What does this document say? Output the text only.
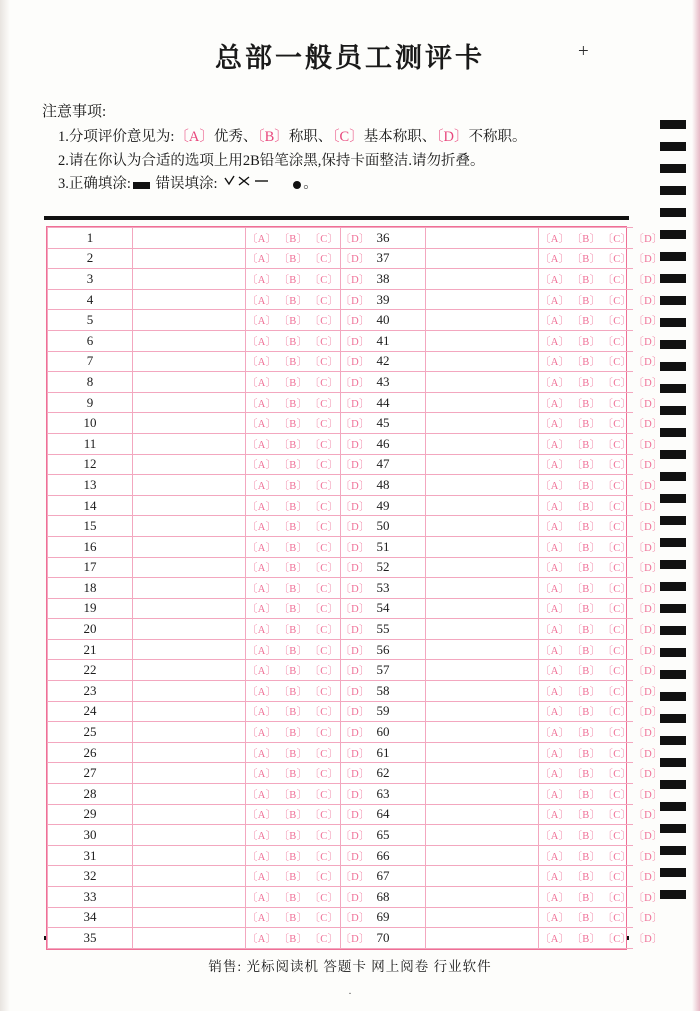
总部一般员工测评卡	+
注意事项:
1.分项评价意见为:〔A〕优秀、〔B〕称职、〔C〕基本称职、〔D〕不称职。
2.请在你认为合适的选项上用2B铅笔涂黑,保持卡面整洁.请勿折叠。
3.正确填涂: 错误填涂:	。
1		〔A〕 〔B〕 〔C〕 〔D〕	36		〔A〕 〔B〕 〔C〕 〔D〕
2		〔A〕 〔B〕 〔C〕 〔D〕	37		〔A〕 〔B〕 〔C〕 〔D〕
3		〔A〕 〔B〕 〔C〕 〔D〕	38		〔A〕 〔B〕 〔C〕 〔D〕
4		〔A〕 〔B〕 〔C〕 〔D〕	39		〔A〕 〔B〕 〔C〕 〔D〕
5		〔A〕 〔B〕 〔C〕 〔D〕	40		〔A〕 〔B〕 〔C〕 〔D〕
6		〔A〕 〔B〕 〔C〕 〔D〕	41		〔A〕 〔B〕 〔C〕 〔D〕
7		〔A〕 〔B〕 〔C〕 〔D〕	42		〔A〕 〔B〕 〔C〕 〔D〕
8		〔A〕 〔B〕 〔C〕 〔D〕	43		〔A〕 〔B〕 〔C〕 〔D〕
9		〔A〕 〔B〕 〔C〕 〔D〕	44		〔A〕 〔B〕 〔C〕 〔D〕
10		〔A〕 〔B〕 〔C〕 〔D〕	45		〔A〕 〔B〕 〔C〕 〔D〕
11		〔A〕 〔B〕 〔C〕 〔D〕	46		〔A〕 〔B〕 〔C〕 〔D〕
12		〔A〕 〔B〕 〔C〕 〔D〕	47		〔A〕 〔B〕 〔C〕 〔D〕
13		〔A〕 〔B〕 〔C〕 〔D〕	48		〔A〕 〔B〕 〔C〕 〔D〕
14		〔A〕 〔B〕 〔C〕 〔D〕	49		〔A〕 〔B〕 〔C〕 〔D〕
15		〔A〕 〔B〕 〔C〕 〔D〕	50		〔A〕 〔B〕 〔C〕 〔D〕
16		〔A〕 〔B〕 〔C〕 〔D〕	51		〔A〕 〔B〕 〔C〕 〔D〕
17		〔A〕 〔B〕 〔C〕 〔D〕	52		〔A〕 〔B〕 〔C〕 〔D〕
18		〔A〕 〔B〕 〔C〕 〔D〕	53		〔A〕 〔B〕 〔C〕 〔D〕
19		〔A〕 〔B〕 〔C〕 〔D〕	54		〔A〕 〔B〕 〔C〕 〔D〕
20		〔A〕 〔B〕 〔C〕 〔D〕	55		〔A〕 〔B〕 〔C〕 〔D〕
21		〔A〕 〔B〕 〔C〕 〔D〕	56		〔A〕 〔B〕 〔C〕 〔D〕
22		〔A〕 〔B〕 〔C〕 〔D〕	57		〔A〕 〔B〕 〔C〕 〔D〕
23		〔A〕 〔B〕 〔C〕 〔D〕	58		〔A〕 〔B〕 〔C〕 〔D〕
24		〔A〕 〔B〕 〔C〕 〔D〕	59		〔A〕 〔B〕 〔C〕 〔D〕
25		〔A〕 〔B〕 〔C〕 〔D〕	60		〔A〕 〔B〕 〔C〕 〔D〕
26		〔A〕 〔B〕 〔C〕 〔D〕	61		〔A〕 〔B〕 〔C〕 〔D〕
27		〔A〕 〔B〕 〔C〕 〔D〕	62		〔A〕 〔B〕 〔C〕 〔D〕
28		〔A〕 〔B〕 〔C〕 〔D〕	63		〔A〕 〔B〕 〔C〕 〔D〕
29		〔A〕 〔B〕 〔C〕 〔D〕	64		〔A〕 〔B〕 〔C〕 〔D〕
30		〔A〕 〔B〕 〔C〕 〔D〕	65		〔A〕 〔B〕 〔C〕 〔D〕
31		〔A〕 〔B〕 〔C〕 〔D〕	66		〔A〕 〔B〕 〔C〕 〔D〕
32		〔A〕 〔B〕 〔C〕 〔D〕	67		〔A〕 〔B〕 〔C〕 〔D〕
33		〔A〕 〔B〕 〔C〕 〔D〕	68		〔A〕 〔B〕 〔C〕 〔D〕
34		〔A〕 〔B〕 〔C〕 〔D〕	69		〔A〕 〔B〕 〔C〕 〔D〕
35		〔A〕 〔B〕 〔C〕 〔D〕	70		〔A〕 〔B〕 〔C〕 〔D〕
销售: 光标阅读机 答题卡 网上阅卷 行业软件
.
